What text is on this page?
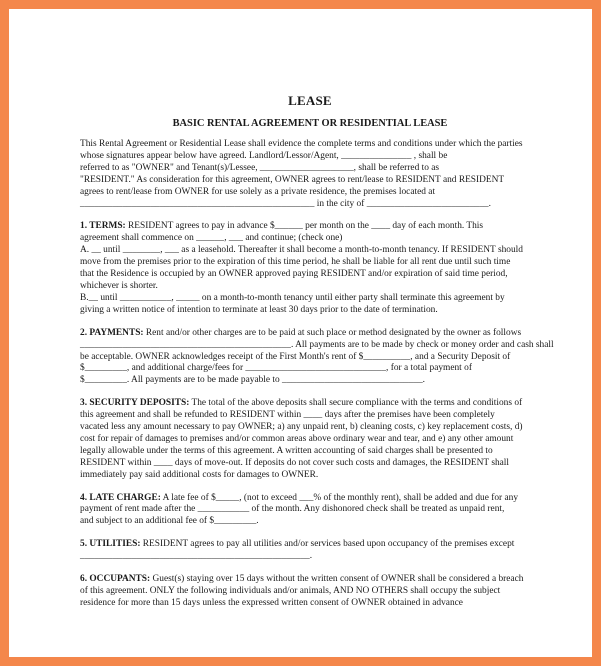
LEASE
BASIC RENTAL AGREEMENT OR RESIDENTIAL LEASE

This Rental Agreement or Residential Lease shall evidence the complete terms and conditions under which the parties
whose signatures appear below have agreed. Landlord/Lessor/Agent, _______________ , shall be
referred to as "OWNER" and Tenant(s)/Lessee, ____________________, shall be referred to as
"RESIDENT." As consideration for this agreement, OWNER agrees to rent/lease to RESIDENT and RESIDENT
agrees to rent/lease from OWNER for use solely as a private residence, the premises located at
__________________________________________________ in the city of __________________________.

1. TERMS: RESIDENT agrees to pay in advance $______ per month on the ____ day of each month. This
agreement shall commence on ______, ___ and continue; (check one)
A. __ until ________, ___ as a leasehold. Thereafter it shall become a month-to-month tenancy. If RESIDENT should
move from the premises prior to the expiration of this time period, he shall be liable for all rent due until such time
that the Residence is occupied by an OWNER approved paying RESIDENT and/or expiration of said time period,
whichever is shorter.
B.__ until ___________, _____ on a month-to-month tenancy until either party shall terminate this agreement by
giving a written notice of intention to terminate at least 30 days prior to the date of termination.

2. PAYMENTS: Rent and/or other charges are to be paid at such place or method designated by the owner as follows
_____________________________________________. All payments are to be made by check or money order and cash shall
be acceptable. OWNER acknowledges receipt of the First Month's rent of $__________, and a Security Deposit of
$_________, and additional charge/fees for ______________________________, for a total payment of
$_________. All payments are to be made payable to ______________________________.

3. SECURITY DEPOSITS: The total of the above deposits shall secure compliance with the terms and conditions of
this agreement and shall be refunded to RESIDENT within ____ days after the premises have been completely
vacated less any amount necessary to pay OWNER; a) any unpaid rent, b) cleaning costs, c) key replacement costs, d)
cost for repair of damages to premises and/or common areas above ordinary wear and tear, and e) any other amount
legally allowable under the terms of this agreement. A written accounting of said charges shall be presented to
RESIDENT within ____ days of move-out. If deposits do not cover such costs and damages, the RESIDENT shall
immediately pay said additional costs for damages to OWNER.

4. LATE CHARGE: A late fee of $_____, (not to exceed ___% of the monthly rent), shall be added and due for any
payment of rent made after the ___________ of the month. Any dishonored check shall be treated as unpaid rent,
and subject to an additional fee of $_________.

5. UTILITIES: RESIDENT agrees to pay all utilities and/or services based upon occupancy of the premises except
_________________________________________________.

6. OCCUPANTS: Guest(s) staying over 15 days without the written consent of OWNER shall be considered a breach
of this agreement. ONLY the following individuals and/or animals, AND NO OTHERS shall occupy the subject
residence for more than 15 days unless the expressed written consent of OWNER obtained in advance
